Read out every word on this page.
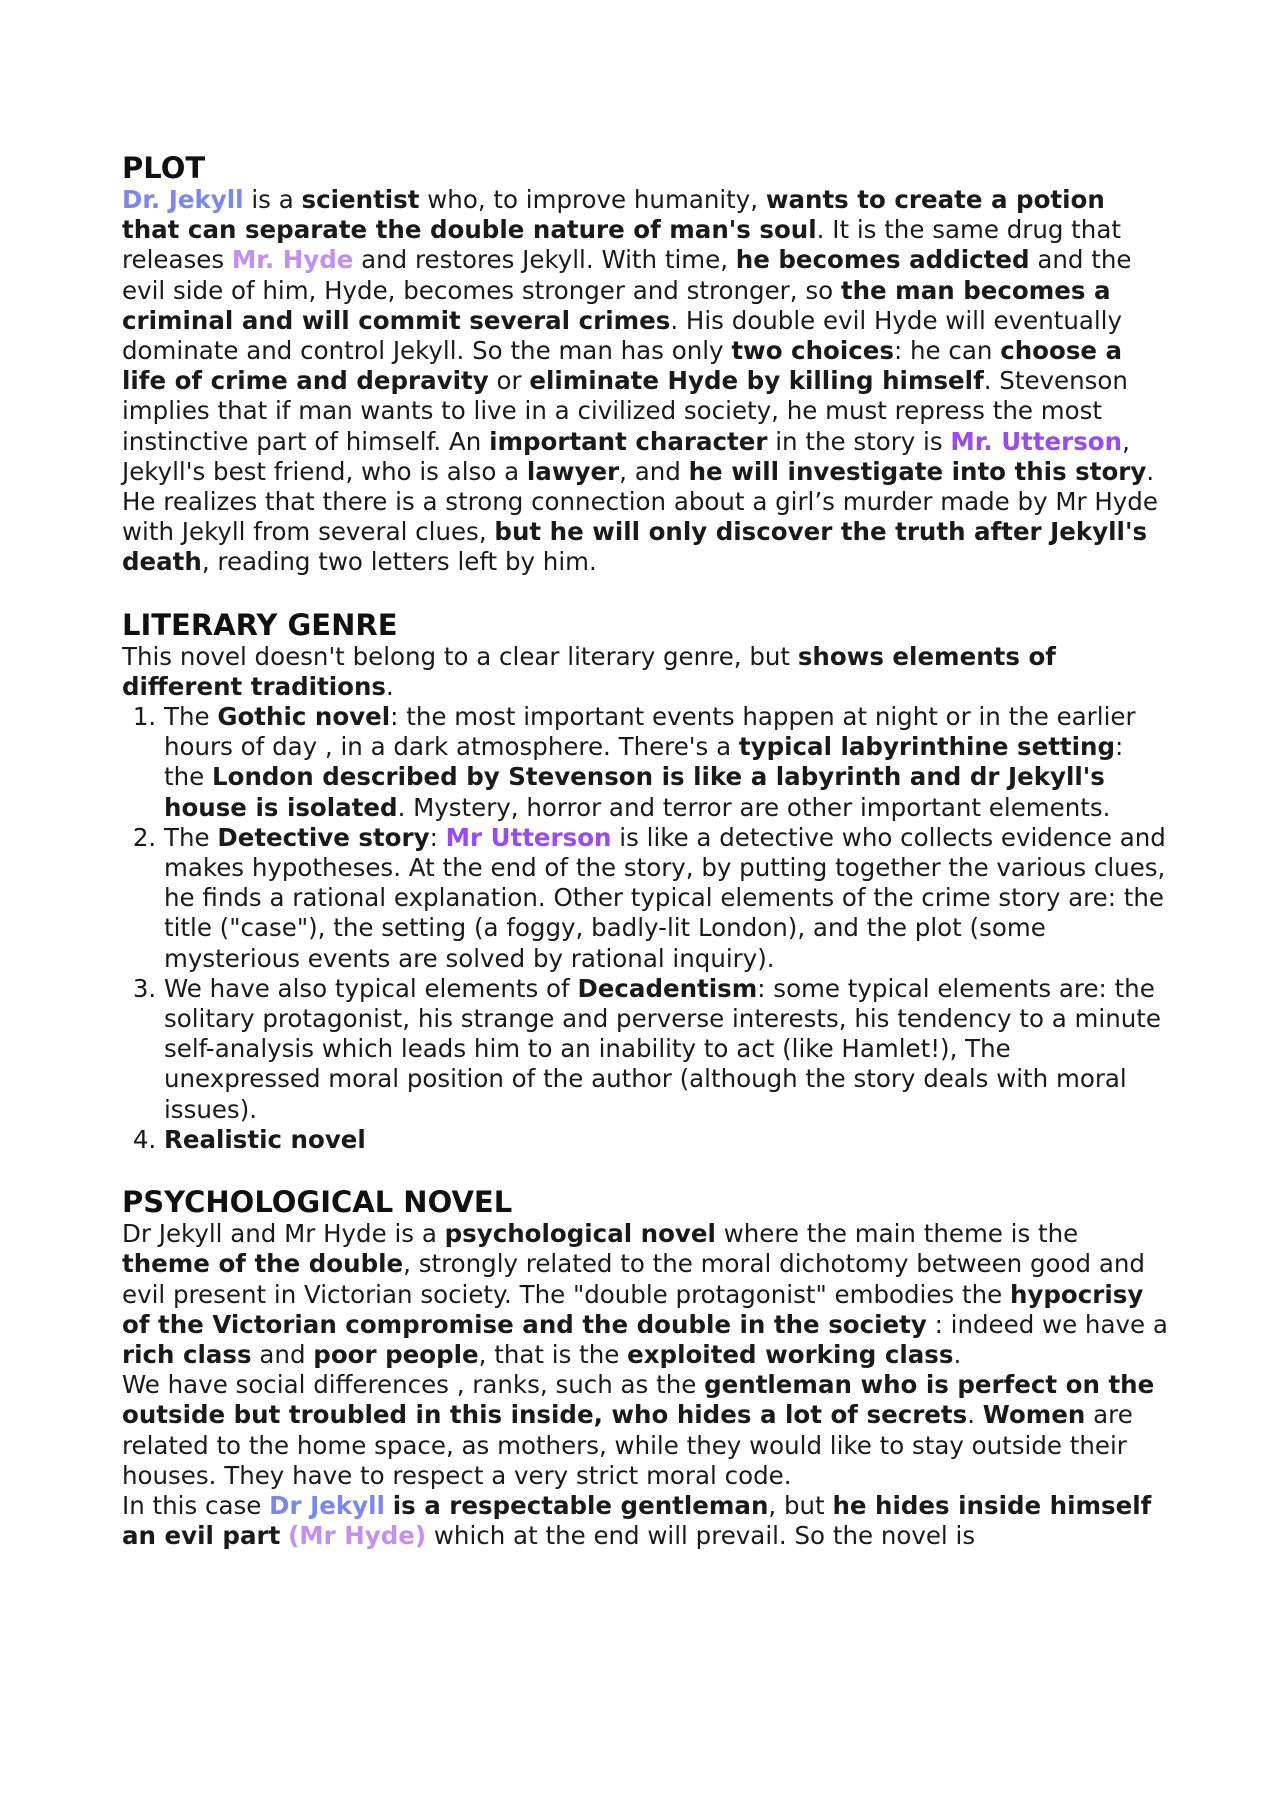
PLOT

Dr. Jekyll is a scientist who, to improve humanity, wants to create a potion that can separate the double nature of man's soul. It is the same drug that releases Mr. Hyde and restores Jekyll. With time, he becomes addicted and the evil side of him, Hyde, becomes stronger and stronger, so the man becomes a criminal and will commit several crimes. His double evil Hyde will eventually dominate and control Jekyll. So the man has only two choices: he can choose a life of crime and depravity or eliminate Hyde by killing himself. Stevenson implies that if man wants to live in a civilized society, he must repress the most instinctive part of himself. An important character in the story is Mr. Utterson, Jekyll's best friend, who is also a lawyer, and he will investigate into this story. He realizes that there is a strong connection about a girl’s murder made by Mr Hyde with Jekyll from several clues, but he will only discover the truth after Jekyll's death, reading two letters left by him.

LITERARY GENRE

This novel doesn't belong to a clear literary genre, but shows elements of different traditions.

1. The Gothic novel: the most important events happen at night or in the earlier hours of day , in a dark atmosphere. There's a typical labyrinthine setting: the London described by Stevenson is like a labyrinth and dr Jekyll's house is isolated. Mystery, horror and terror are other important elements.
2. The Detective story: Mr Utterson is like a detective who collects evidence and makes hypotheses. At the end of the story, by putting together the various clues, he finds a rational explanation. Other typical elements of the crime story are: the title ("case"), the setting (a foggy, badly-lit London), and the plot (some mysterious events are solved by rational inquiry).
3. We have also typical elements of Decadentism: some typical elements are: the solitary protagonist, his strange and perverse interests, his tendency to a minute    self-analysis which leads him to an inability to act (like Hamlet!), The unexpressed moral position of the author (although the story deals with moral issues).
4. Realistic novel
PSYCHOLOGICAL NOVEL

Dr Jekyll and Mr Hyde is a psychological novel where the main theme is the theme of the double, strongly related to the moral dichotomy between good and evil present in Victorian society. The "double protagonist" embodies the hypocrisy of the Victorian compromise and the double in the society : indeed we have a rich class and poor people, that is the exploited working class.

We have social differences , ranks, such as the gentleman who is perfect on the outside but troubled in this inside, who hides a lot of secrets. Women are related to the home space, as mothers, while they would like to stay outside their houses. They have to respect a very strict moral code.

In this case Dr Jekyll is a respectable gentleman, but he hides inside himself an evil part (Mr Hyde) which at the end will prevail. So the novel is
